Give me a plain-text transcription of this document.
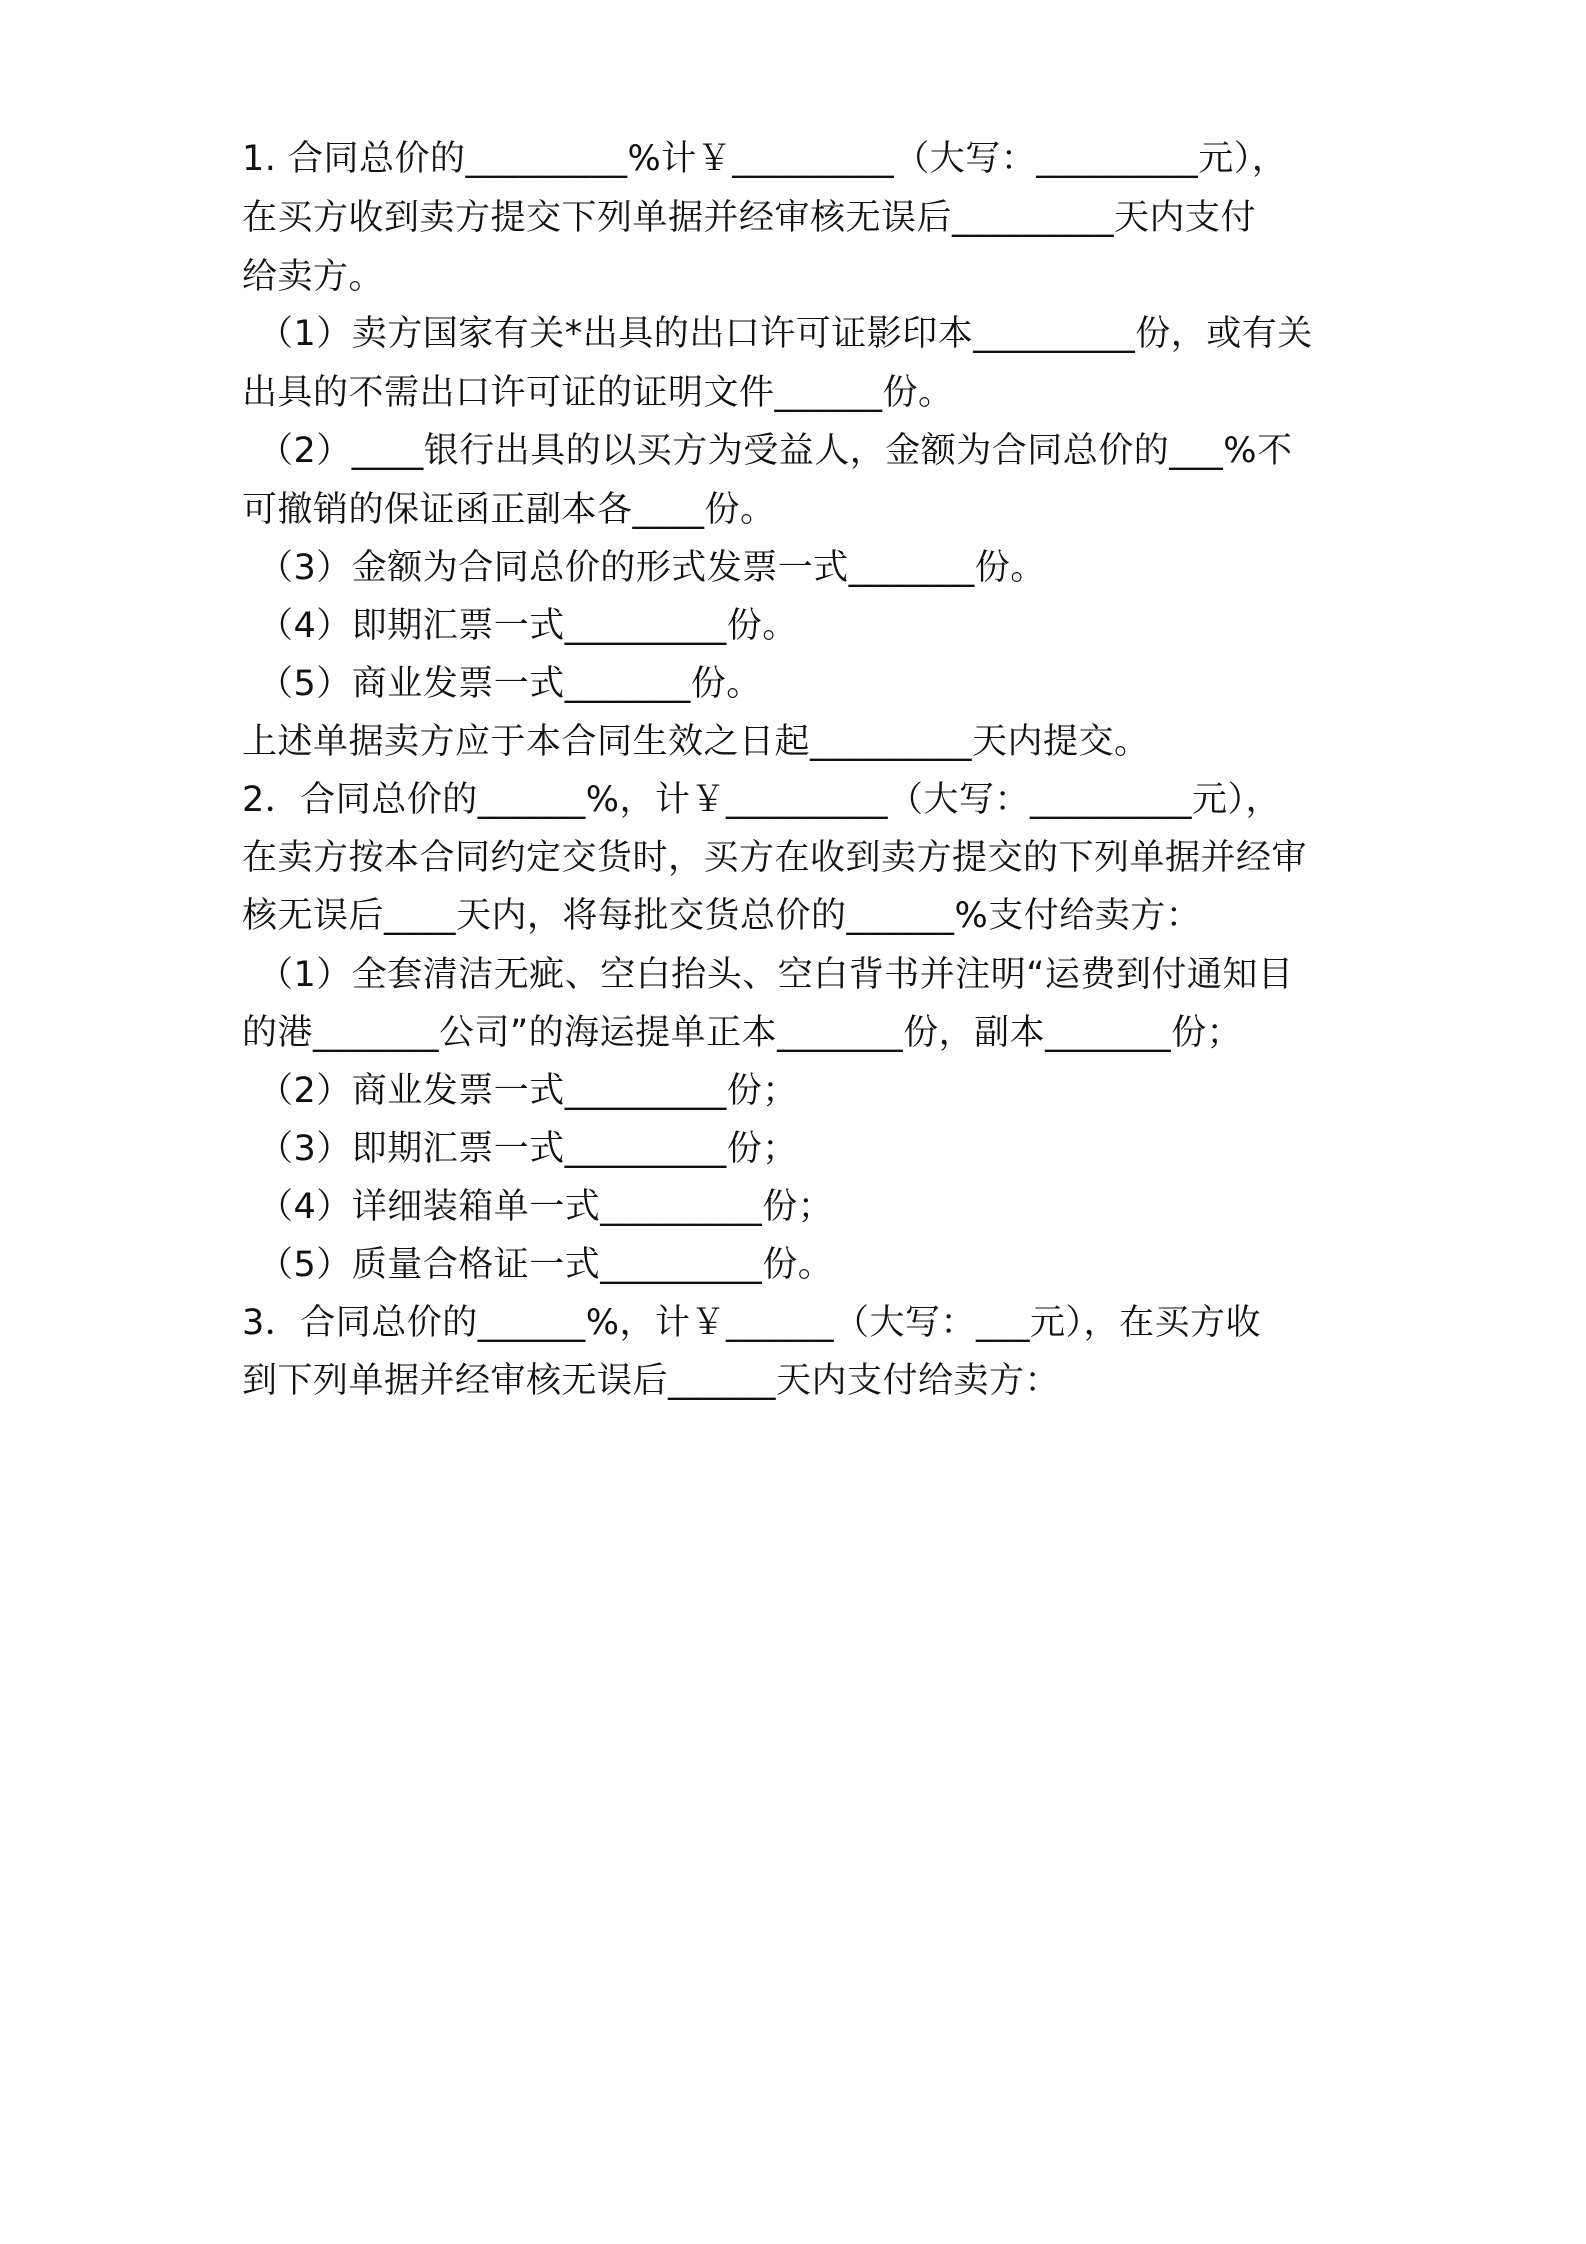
1. 合同总价的_________%计￥_________（大写：_________元），
在买方收到卖方提交下列单据并经审核无误后_________天内支付
给卖方。
（1）卖方国家有关*出具的出口许可证影印本_________份，或有关
出具的不需出口许可证的证明文件______份。
（2）____银行出具的以买方为受益人，金额为合同总价的___%不
可撤销的保证函正副本各____份。
（3）金额为合同总价的形式发票一式_______份。
（4）即期汇票一式_________份。
（5）商业发票一式_______份。
上述单据卖方应于本合同生效之日起_________天内提交。
2．合同总价的______%，计￥_________（大写：_________元），
在卖方按本合同约定交货时，买方在收到卖方提交的下列单据并经审
核无误后____天内，将每批交货总价的______%支付给卖方：
（1）全套清洁无疵、空白抬头、空白背书并注明“运费到付通知目
的港_______公司”的海运提单正本_______份，副本_______份；
（2）商业发票一式_________份；
（3）即期汇票一式_________份；
（4）详细装箱单一式_________份；
（5）质量合格证一式_________份。
3．合同总价的______%，计￥______（大写：___元），在买方收
到下列单据并经审核无误后______天内支付给卖方：
